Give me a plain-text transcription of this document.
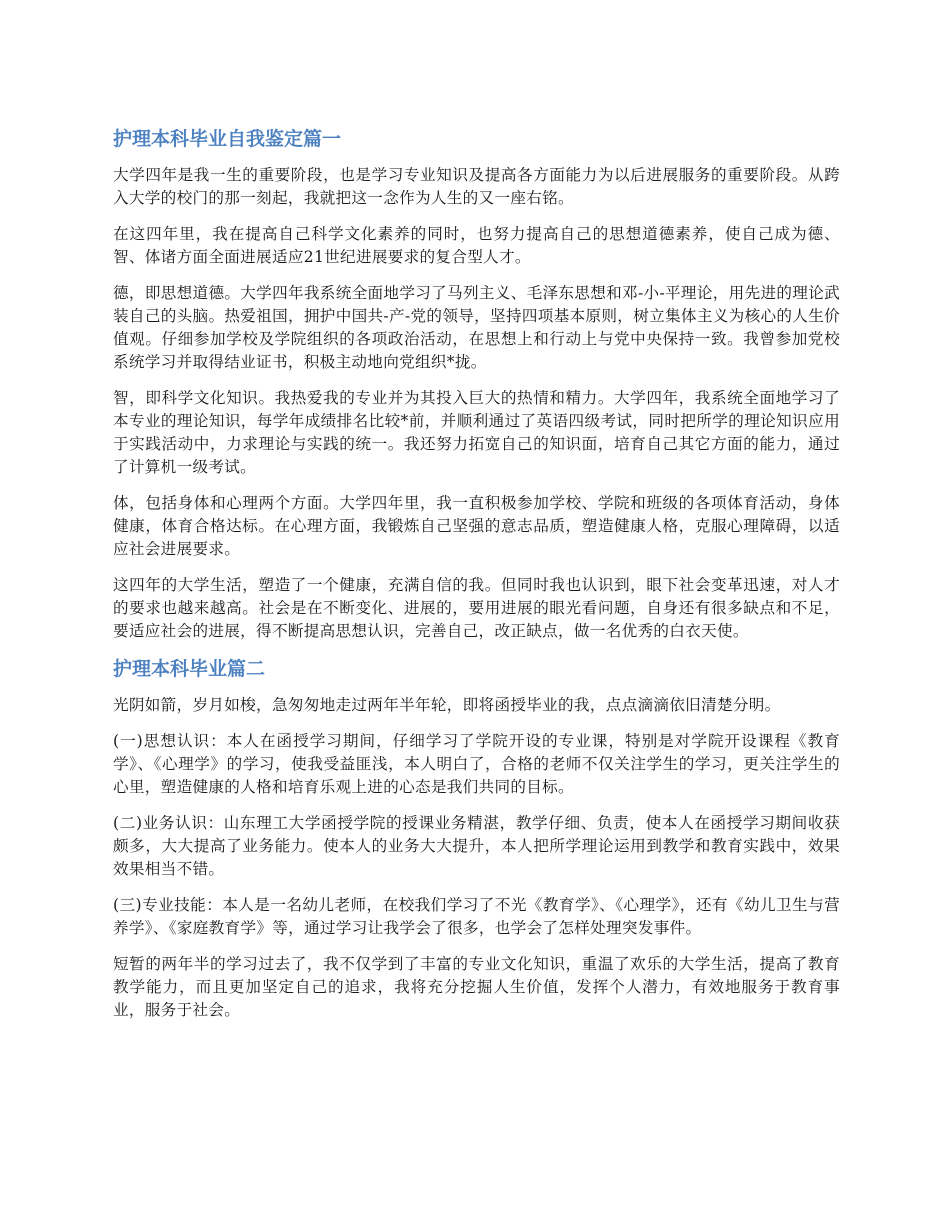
护理本科毕业自我鉴定篇一

大学四年是我一生的重要阶段，也是学习专业知识及提高各方面能力为以后进展服务的重要阶段。从跨入大学的校门的那一刻起，我就把这一念作为人生的又一座右铭。

在这四年里，我在提高自己科学文化素养的同时，也努力提高自己的思想道德素养，使自己成为德、智、体诸方面全面进展适应21世纪进展要求的复合型人才。

德，即思想道德。大学四年我系统全面地学习了马列主义、毛泽东思想和邓-小-平理论，用先进的理论武装自己的头脑。热爱祖国，拥护中国共-产-党的领导，坚持四项基本原则，树立集体主义为核心的人生价值观。仔细参加学校及学院组织的各项政治活动，在思想上和行动上与党中央保持一致。我曾参加党校系统学习并取得结业证书，积极主动地向党组织*拢。

智，即科学文化知识。我热爱我的专业并为其投入巨大的热情和精力。大学四年，我系统全面地学习了本专业的理论知识，每学年成绩排名比较*前，并顺利通过了英语四级考试，同时把所学的理论知识应用于实践活动中，力求理论与实践的统一。我还努力拓宽自己的知识面，培育自己其它方面的能力，通过了计算机一级考试。

体，包括身体和心理两个方面。大学四年里，我一直积极参加学校、学院和班级的各项体育活动，身体健康，体育合格达标。在心理方面，我锻炼自己坚强的意志品质，塑造健康人格，克服心理障碍，以适应社会进展要求。

这四年的大学生活，塑造了一个健康，充满自信的我。但同时我也认识到，眼下社会变革迅速，对人才的要求也越来越高。社会是在不断变化、进展的，要用进展的眼光看问题，自身还有很多缺点和不足，要适应社会的进展，得不断提高思想认识，完善自己，改正缺点，做一名优秀的白衣天使。

护理本科毕业篇二

光阴如箭，岁月如梭，急匆匆地走过两年半年轮，即将函授毕业的我，点点滴滴依旧清楚分明。

(一)思想认识：本人在函授学习期间，仔细学习了学院开设的专业课，特别是对学院开设课程《教育学》、《心理学》的学习，使我受益匪浅，本人明白了，合格的老师不仅关注学生的学习，更关注学生的心里，塑造健康的人格和培育乐观上进的心态是我们共同的目标。

(二)业务认识：山东理工大学函授学院的授课业务精湛，教学仔细、负责，使本人在函授学习期间收获颇多，大大提高了业务能力。使本人的业务大大提升，本人把所学理论运用到教学和教育实践中，效果效果相当不错。

(三)专业技能：本人是一名幼儿老师，在校我们学习了不光《教育学》、《心理学》，还有《幼儿卫生与营养学》、《家庭教育学》等，通过学习让我学会了很多，也学会了怎样处理突发事件。

短暂的两年半的学习过去了，我不仅学到了丰富的专业文化知识，重温了欢乐的大学生活，提高了教育教学能力，而且更加坚定自己的追求，我将充分挖掘人生价值，发挥个人潜力，有效地服务于教育事业，服务于社会。
